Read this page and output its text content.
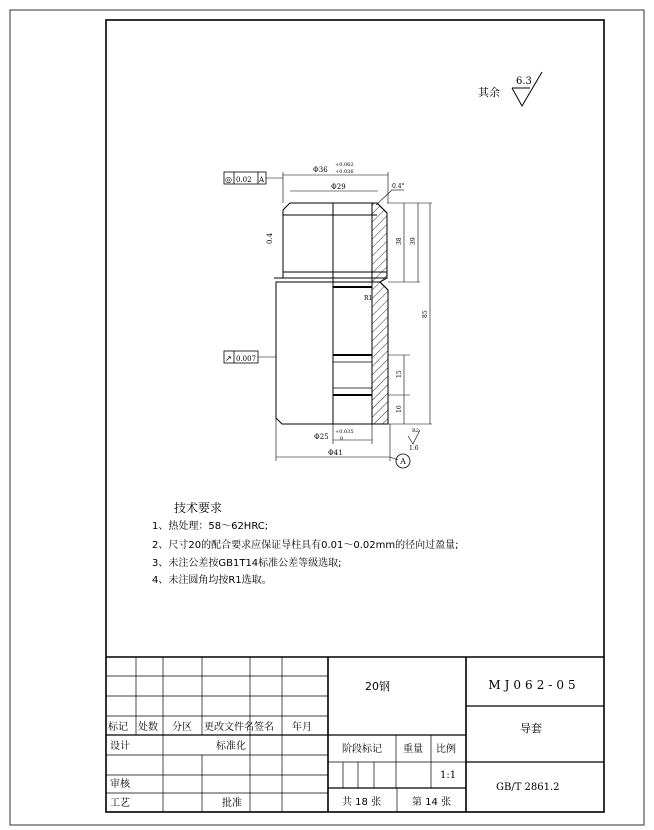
其余
6.3
Φ36
+0.062
+0.036
Φ29	0.4°
0.4	38 39
85
15
10
R1
Φ25
+0.035
0
Φ41
R2
1.6
A
◎ 0.02 A
↗ 0.007
技术要求
1、热处理：58～62HRC;
2、尺寸20的配合要求应保证导柱具有0.01～0.02mm的径向过盈量;
3、未注公差按GB1T14标准公差等级选取;
4、未注圆角均按R1选取。
标记 处数 分区 更改文件名 签名 年月
设计	标准化
审核
工艺	批准
20钢
阶段标记 重量 比例
1:1
共 18 张	第 14 张
MJ062-05
导套
GB/T 2861.2
